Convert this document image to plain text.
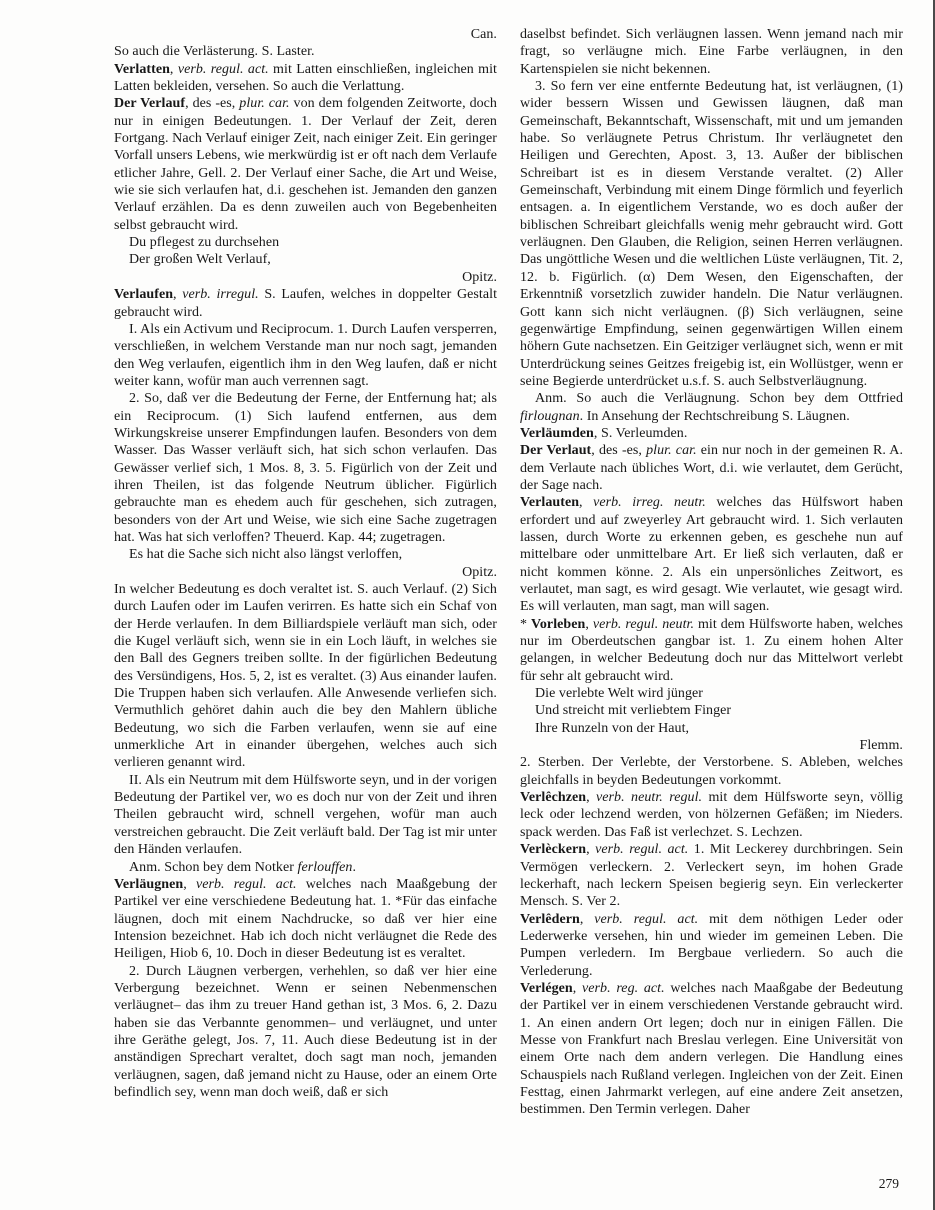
Can.

So auch die Verlästerung. S. Laster.

Verlatten, verb. regul. act. mit Latten einschließen, ingleichen mit Latten bekleiden, versehen. So auch die Verlattung.

Der Verlauf, des -es, plur. car. von dem folgenden Zeitworte, doch nur in einigen Bedeutungen. 1. Der Verlauf der Zeit, deren Fortgang. Nach Verlauf einiger Zeit, nach einiger Zeit. Ein geringer Vorfall unsers Lebens, wie merkwürdig ist er oft nach dem Verlaufe etlicher Jahre, Gell. 2. Der Verlauf einer Sache, die Art und Weise, wie sie sich verlaufen hat, d.i. geschehen ist. Jemanden den ganzen Verlauf erzählen. Da es denn zuweilen auch von Begebenheiten selbst gebraucht wird.

Du pflegest zu durchsehen

Der großen Welt Verlauf,

Opitz.

Verlaufen, verb. irregul. S. Laufen, welches in doppelter Gestalt gebraucht wird.

I. Als ein Activum und Reciprocum. 1. Durch Laufen versperren, verschließen, in welchem Verstande man nur noch sagt, jemanden den Weg verlaufen, eigentlich ihm in den Weg laufen, daß er nicht weiter kann, wofür man auch verrennen sagt.

2. So, daß ver die Bedeutung der Ferne, der Entfernung hat; als ein Reciprocum. (1) Sich laufend entfernen, aus dem Wirkungskreise unserer Empfindungen laufen. Besonders von dem Wasser. Das Wasser verläuft sich, hat sich schon verlaufen. Das Gewässer verlief sich, 1 Mos. 8, 3. 5. Figürlich von der Zeit und ihren Theilen, ist das folgende Neutrum üblicher. Figürlich gebrauchte man es ehedem auch für geschehen, sich zutragen, besonders von der Art und Weise, wie sich eine Sache zugetragen hat. Was hat sich verloffen? Theuerd. Kap. 44; zugetragen.

Es hat die Sache sich nicht also längst verloffen,

Opitz.

In welcher Bedeutung es doch veraltet ist. S. auch Verlauf. (2) Sich durch Laufen oder im Laufen verirren. Es hatte sich ein Schaf von der Herde verlaufen. In dem Billiardspiele verläuft man sich, oder die Kugel verläuft sich, wenn sie in ein Loch läuft, in welches sie den Ball des Gegners treiben sollte. In der figürlichen Bedeutung des Versündigens, Hos. 5, 2, ist es veraltet. (3) Aus einander laufen. Die Truppen haben sich verlaufen. Alle Anwesende verliefen sich. Vermuthlich gehöret dahin auch die bey den Mahlern übliche Bedeutung, wo sich die Farben verlaufen, wenn sie auf eine unmerkliche Art in einander übergehen, welches auch sich verlieren genannt wird.

II. Als ein Neutrum mit dem Hülfsworte seyn, und in der vorigen Bedeutung der Partikel ver, wo es doch nur von der Zeit und ihren Theilen gebraucht wird, schnell vergehen, wofür man auch verstreichen gebraucht. Die Zeit verläuft bald. Der Tag ist mir unter den Händen verlaufen.

Anm. Schon bey dem Notker ferlouffen.

Verläugnen, verb. regul. act. welches nach Maaßgebung der Partikel ver eine verschiedene Bedeutung hat. 1. *Für das einfache läugnen, doch mit einem Nachdrucke, so daß ver hier eine Intension bezeichnet. Hab ich doch nicht verläugnet die Rede des Heiligen, Hiob 6, 10. Doch in dieser Bedeutung ist es veraltet.

2. Durch Läugnen verbergen, verhehlen, so daß ver hier eine Verbergung bezeichnet. Wenn er seinen Nebenmenschen verläugnet– das ihm zu treuer Hand gethan ist, 3 Mos. 6, 2. Dazu haben sie das Verbannte genommen– und verläugnet, und unter ihre Geräthe gelegt, Jos. 7, 11. Auch diese Bedeutung ist in der anständigen Sprechart veraltet, doch sagt man noch, jemanden verläugnen, sagen, daß jemand nicht zu Hause, oder an einem Orte befindlich sey, wenn man doch weiß, daß er sich

daselbst befindet. Sich verläugnen lassen. Wenn jemand nach mir fragt, so verläugne mich. Eine Farbe verläugnen, in den Kartenspielen sie nicht bekennen.

3. So fern ver eine entfernte Bedeutung hat, ist verläugnen, (1) wider bessern Wissen und Gewissen läugnen, daß man Gemeinschaft, Bekanntschaft, Wissenschaft, mit und um jemanden habe. So verläugnete Petrus Christum. Ihr verläugnetet den Heiligen und Gerechten, Apost. 3, 13. Außer der biblischen Schreibart ist es in diesem Verstande veraltet. (2) Aller Gemeinschaft, Verbindung mit einem Dinge förmlich und feyerlich entsagen. a. In eigentlichem Verstande, wo es doch außer der biblischen Schreibart gleichfalls wenig mehr gebraucht wird. Gott verläugnen. Den Glauben, die Religion, seinen Herren verläugnen. Das ungöttliche Wesen und die weltlichen Lüste verläugnen, Tit. 2, 12. b. Figürlich. (α) Dem Wesen, den Eigenschaften, der Erkenntniß vorsetzlich zuwider handeln. Die Natur verläugnen. Gott kann sich nicht verläugnen. (β) Sich verläugnen, seine gegenwärtige Empfindung, seinen gegenwärtigen Willen einem höhern Gute nachsetzen. Ein Geitziger verläugnet sich, wenn er mit Unterdrückung seines Geitzes freigebig ist, ein Wollüstger, wenn er seine Begierde unterdrücket u.s.f. S. auch Selbstverläugnung.

Anm. So auch die Verläugnung. Schon bey dem Ottfried firlougnan. In Ansehung der Rechtschreibung S. Läugnen.

Verläumden, S. Verleumden.

Der Verlaut, des -es, plur. car. ein nur noch in der gemeinen R. A. dem Verlaute nach übliches Wort, d.i. wie verlautet, dem Gerücht, der Sage nach.

Verlauten, verb. irreg. neutr. welches das Hülfswort haben erfordert und auf zweyerley Art gebraucht wird. 1. Sich verlauten lassen, durch Worte zu erkennen geben, es geschehe nun auf mittelbare oder unmittelbare Art. Er ließ sich verlauten, daß er nicht kommen könne. 2. Als ein unpersönliches Zeitwort, es verlautet, man sagt, es wird gesagt. Wie verlautet, wie gesagt wird. Es will verlauten, man sagt, man will sagen.

* Vorleben, verb. regul. neutr. mit dem Hülfsworte haben, welches nur im Oberdeutschen gangbar ist. 1. Zu einem hohen Alter gelangen, in welcher Bedeutung doch nur das Mittelwort verlebt für sehr alt gebraucht wird.

Die verlebte Welt wird jünger

Und streicht mit verliebtem Finger

Ihre Runzeln von der Haut,

Flemm.

2. Sterben. Der Verlebte, der Verstorbene. S. Ableben, welches gleichfalls in beyden Bedeutungen vorkommt.

Verlêchzen, verb. neutr. regul. mit dem Hülfsworte seyn, völlig leck oder lechzend werden, von hölzernen Gefäßen; im Nieders. spack werden. Das Faß ist verlechzet. S. Lechzen.

Verlèckern, verb. regul. act. 1. Mit Leckerey durchbringen. Sein Vermögen verleckern. 2. Verleckert seyn, im hohen Grade leckerhaft, nach leckern Speisen begierig seyn. Ein verleckerter Mensch. S. Ver 2.

Verlêdern, verb. regul. act. mit dem nöthigen Leder oder Lederwerke versehen, hin und wieder im gemeinen Leben. Die Pumpen verledern. Im Bergbaue verliedern. So auch die Verlederung.

Verlégen, verb. reg. act. welches nach Maaßgabe der Bedeutung der Partikel ver in einem verschiedenen Verstande gebraucht wird. 1. An einen andern Ort legen; doch nur in einigen Fällen. Die Messe von Frankfurt nach Breslau verlegen. Eine Universität von einem Orte nach dem andern verlegen. Die Handlung eines Schauspiels nach Rußland verlegen. Ingleichen von der Zeit. Einen Festtag, einen Jahrmarkt verlegen, auf eine andere Zeit ansetzen, bestimmen. Den Termin verlegen. Daher

279
